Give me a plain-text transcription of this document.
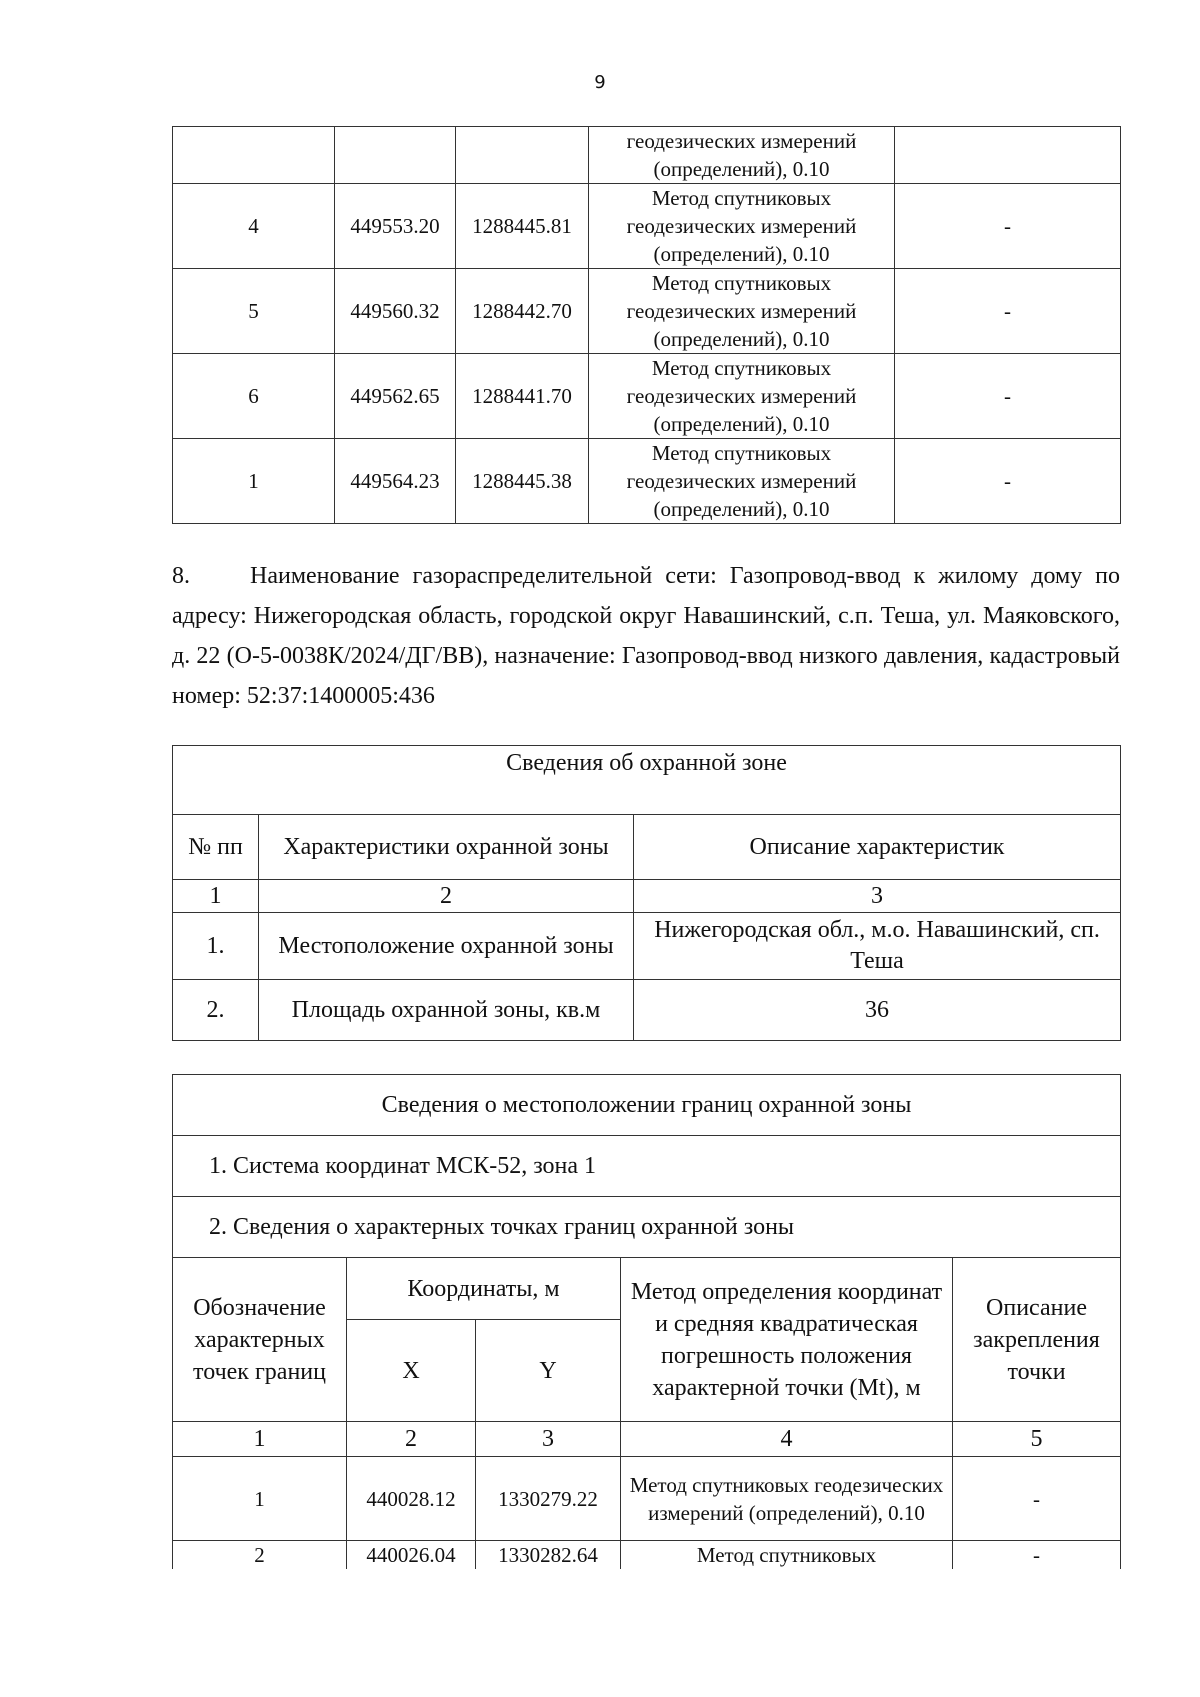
9
			геодезических измерений (определений), 0.10	
4	449553.20	1288445.81	Метод спутниковых геодезических измерений (определений), 0.10	-
5	449560.32	1288442.70	Метод спутниковых геодезических измерений (определений), 0.10	-
6	449562.65	1288441.70	Метод спутниковых геодезических измерений (определений), 0.10	-
1	449564.23	1288445.38	Метод спутниковых геодезических измерений (определений), 0.10	-
8.	Наименование газораспределительной сети: Газопровод-ввод к жилому дому по адресу: Нижегородская область, городской округ Навашинский, с.п. Теша, ул. Маяковского, д. 22 (О-5-0038К/2024/ДГ/ВВ), назначение: Газопровод-ввод низкого давления, кадастровый номер: 52:37:1400005:436
Сведения об охранной зоне		
№ пп	Характеристики охранной зоны	Описание характеристик
1	2	3
1.	Местоположение охранной зоны	Нижегородская обл., м.о. Навашинский, сп. Теша
2.	Площадь охранной зоны, кв.м	36
Сведения о местоположении границ охранной зоны				
1. Система координат МСК-52, зона 1				
2. Сведения о характерных точках границ охранной зоны				
Обозначение характерных точек границ	Координаты, м		Метод определения координат и средняя квадратическая погрешность положения характерной точки (Mt), м	Описание закрепления точки
	X	Y		
1	2	3	4	5
1	440028.12	1330279.22	Метод спутниковых геодезических измерений (определений), 0.10	-
2	440026.04	1330282.64	Метод спутниковых	-
